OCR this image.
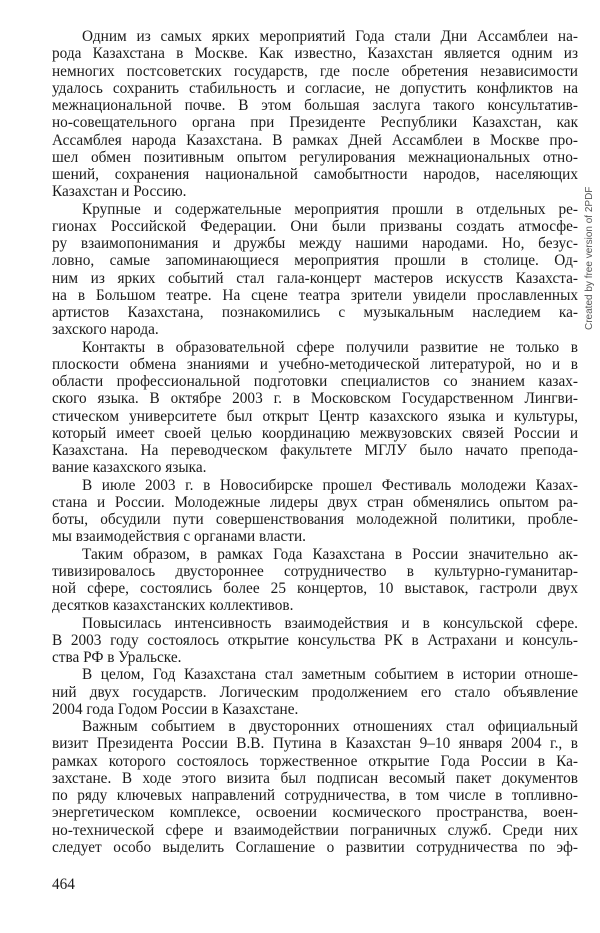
Одним из самых ярких мероприятий Года стали Дни Ассамблеи на-
рода Казахстана в Москве. Как известно, Казахстан является одним из
немногих постсоветских государств, где после обретения независимости
удалось сохранить стабильность и согласие, не допустить конфликтов на
межнациональной почве. В этом большая заслуга такого консультатив-
но-совещательного органа при Президенте Республики Казахстан, как
Ассамблея народа Казахстана. В рамках Дней Ассамблеи в Москве про-
шел обмен позитивным опытом регулирования межнациональных отно-
шений, сохранения национальной самобытности народов, населяющих
Казахстан и Россию.
Крупные и содержательные мероприятия прошли в отдельных ре-
гионах Российской Федерации. Они были призваны создать атмосфе-
ру взаимопонимания и дружбы между нашими народами. Но, безус-
ловно, самые запоминающиеся мероприятия прошли в столице. Од-
ним из ярких событий стал гала-концерт мастеров искусств Казахста-
на в Большом театре. На сцене театра зрители увидели прославленных
артистов Казахстана, познакомились с музыкальным наследием ка-
захского народа.
Контакты в образовательной сфере получили развитие не только в
плоскости обмена знаниями и учебно-методической литературой, но и в
области профессиональной подготовки специалистов со знанием казах-
ского языка. В октябре 2003 г. в Московском Государственном Лингви-
стическом университете был открыт Центр казахского языка и культуры,
который имеет своей целью координацию межвузовских связей России и
Казахстана. На переводческом факультете МГЛУ было начато препода-
вание казахского языка.
В июле 2003 г. в Новосибирске прошел Фестиваль молодежи Казах-
стана и России. Молодежные лидеры двух стран обменялись опытом ра-
боты, обсудили пути совершенствования молодежной политики, пробле-
мы взаимодействия с органами власти.
Таким образом, в рамках Года Казахстана в России значительно ак-
тивизировалось двустороннее сотрудничество в культурно-гуманитар-
ной сфере, состоялись более 25 концертов, 10 выставок, гастроли двух
десятков казахстанских коллективов.
Повысилась интенсивность взаимодействия и в консульской сфере.
В 2003 году состоялось открытие консульства РК в Астрахани и консуль-
ства РФ в Уральске.
В целом, Год Казахстана стал заметным событием в истории отноше-
ний двух государств. Логическим продолжением его стало объявление
2004 года Годом России в Казахстане.
Важным событием в двусторонних отношениях стал официальный
визит Президента России В.В. Путина в Казахстан 9–10 января 2004 г., в
рамках которого состоялось торжественное открытие Года России в Ка-
захстане. В ходе этого визита был подписан весомый пакет документов
по ряду ключевых направлений сотрудничества, в том числе в топливно-
энергетическом комплексе, освоении космического пространства, воен-
но-технической сфере и взаимодействии пограничных служб. Среди них
следует особо выделить Соглашение о развитии сотрудничества по эф-
464
Created by free version of 2PDF
